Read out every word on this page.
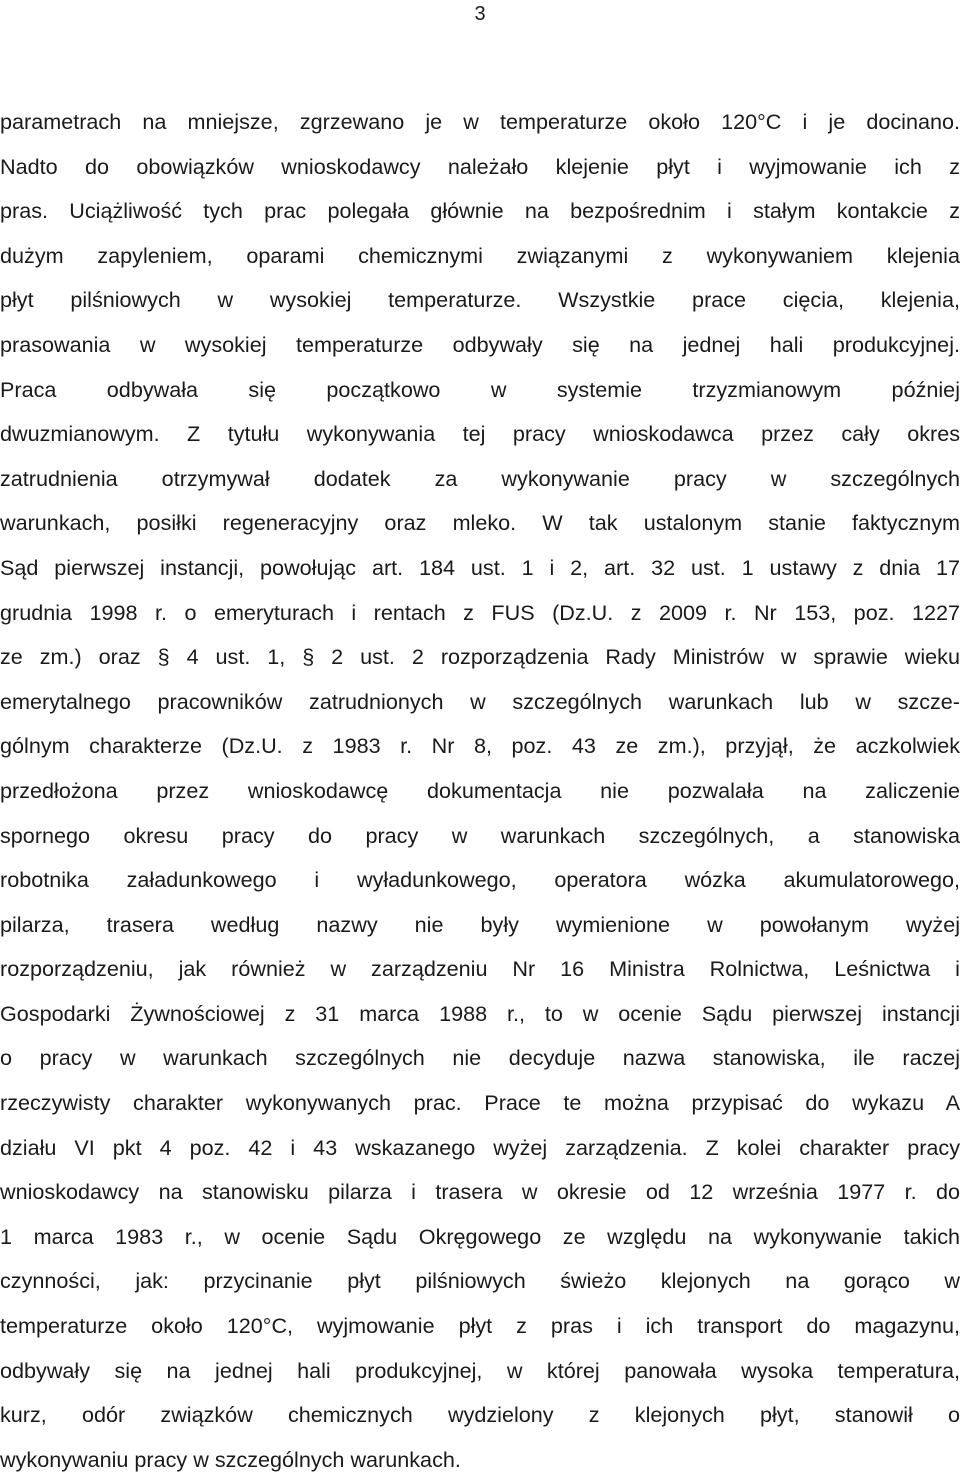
3
parametrach na mniejsze, zgrzewano je w temperaturze około 120°C i je docinano.
Nadto do obowiązków wnioskodawcy należało klejenie płyt i wyjmowanie ich z
pras. Uciążliwość tych prac polegała głównie na bezpośrednim i stałym kontakcie z
dużym zapyleniem, oparami chemicznymi związanymi z wykonywaniem klejenia
płyt pilśniowych w wysokiej temperaturze. Wszystkie prace cięcia, klejenia,
prasowania w wysokiej temperaturze odbywały się na jednej hali produkcyjnej.
Praca odbywała się początkowo w systemie trzyzmianowym później
dwuzmianowym. Z tytułu wykonywania tej pracy wnioskodawca przez cały okres
zatrudnienia otrzymywał dodatek za wykonywanie pracy w szczególnych
warunkach, posiłki regeneracyjny oraz mleko. W tak ustalonym stanie faktycznym
Sąd pierwszej instancji, powołując art. 184 ust. 1 i 2, art. 32 ust. 1 ustawy z dnia 17
grudnia 1998 r. o emeryturach i rentach z FUS (Dz.U. z 2009 r. Nr 153, poz. 1227
ze zm.) oraz § 4 ust. 1, § 2 ust. 2 rozporządzenia Rady Ministrów w sprawie wieku
emerytalnego pracowników zatrudnionych w szczególnych warunkach lub w szcze-
gólnym charakterze (Dz.U. z 1983 r. Nr 8, poz. 43 ze zm.), przyjął, że aczkolwiek
przedłożona przez wnioskodawcę dokumentacja nie pozwalała na zaliczenie
spornego okresu pracy do pracy w warunkach szczególnych, a stanowiska
robotnika załadunkowego i wyładunkowego, operatora wózka akumulatorowego,
pilarza, trasera według nazwy nie były wymienione w powołanym wyżej
rozporządzeniu, jak również w zarządzeniu Nr 16 Ministra Rolnictwa, Leśnictwa i
Gospodarki Żywnościowej z 31 marca 1988 r., to w ocenie Sądu pierwszej instancji
o pracy w warunkach szczególnych nie decyduje nazwa stanowiska, ile raczej
rzeczywisty charakter wykonywanych prac. Prace te można przypisać do wykazu A
działu VI pkt 4 poz. 42 i 43 wskazanego wyżej zarządzenia. Z kolei charakter pracy
wnioskodawcy na stanowisku pilarza i trasera w okresie od 12 września 1977 r. do
1 marca 1983 r., w ocenie Sądu Okręgowego ze względu na wykonywanie takich
czynności, jak: przycinanie płyt pilśniowych świeżo klejonych na gorąco w
temperaturze około 120°C, wyjmowanie płyt z pras i ich transport do magazynu,
odbywały się na jednej hali produkcyjnej, w której panowała wysoka temperatura,
kurz, odór związków chemicznych wydzielony z klejonych płyt, stanowił o
wykonywaniu pracy w szczególnych warunkach.
